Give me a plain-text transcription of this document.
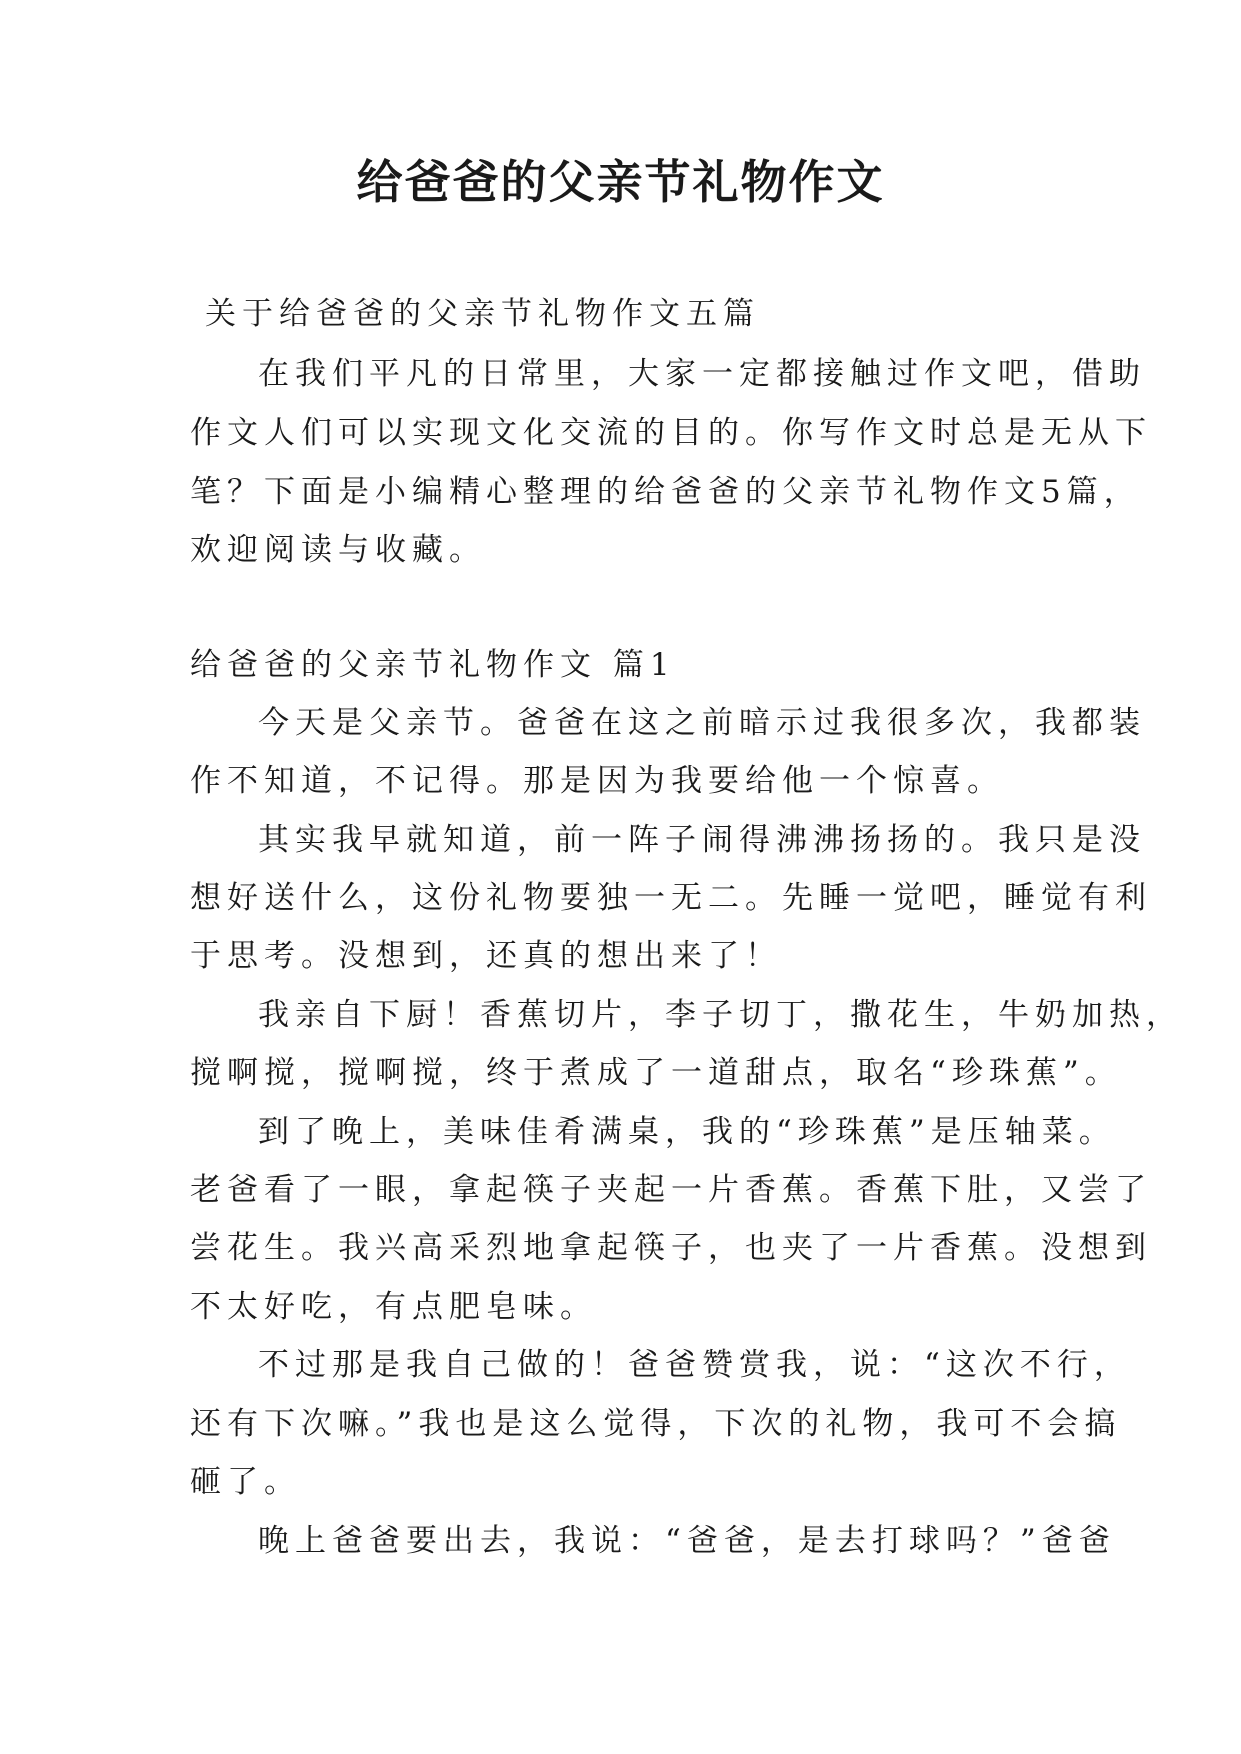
给爸爸的父亲节礼物作文

关于给爸爸的父亲节礼物作文五篇

在我们平凡的日常里，大家一定都接触过作文吧，借助

作文人们可以实现文化交流的目的。你写作文时总是无从下

笔？下面是小编精心整理的给爸爸的父亲节礼物作文5篇，

欢迎阅读与收藏。

给爸爸的父亲节礼物作文 篇1

今天是父亲节。爸爸在这之前暗示过我很多次，我都装

作不知道，不记得。那是因为我要给他一个惊喜。

其实我早就知道，前一阵子闹得沸沸扬扬的。我只是没

想好送什么，这份礼物要独一无二。先睡一觉吧，睡觉有利

于思考。没想到，还真的想出来了！

我亲自下厨！香蕉切片，李子切丁，撒花生，牛奶加热，

搅啊搅，搅啊搅，终于煮成了一道甜点，取名“珍珠蕉”。

到了晚上，美味佳肴满桌，我的“珍珠蕉”是压轴菜。

老爸看了一眼，拿起筷子夹起一片香蕉。香蕉下肚，又尝了

尝花生。我兴高采烈地拿起筷子，也夹了一片香蕉。没想到

不太好吃，有点肥皂味。

不过那是我自己做的！爸爸赞赏我，说：“这次不行，

还有下次嘛。”我也是这么觉得，下次的礼物，我可不会搞

砸了。

晚上爸爸要出去，我说：“爸爸，是去打球吗？”爸爸
